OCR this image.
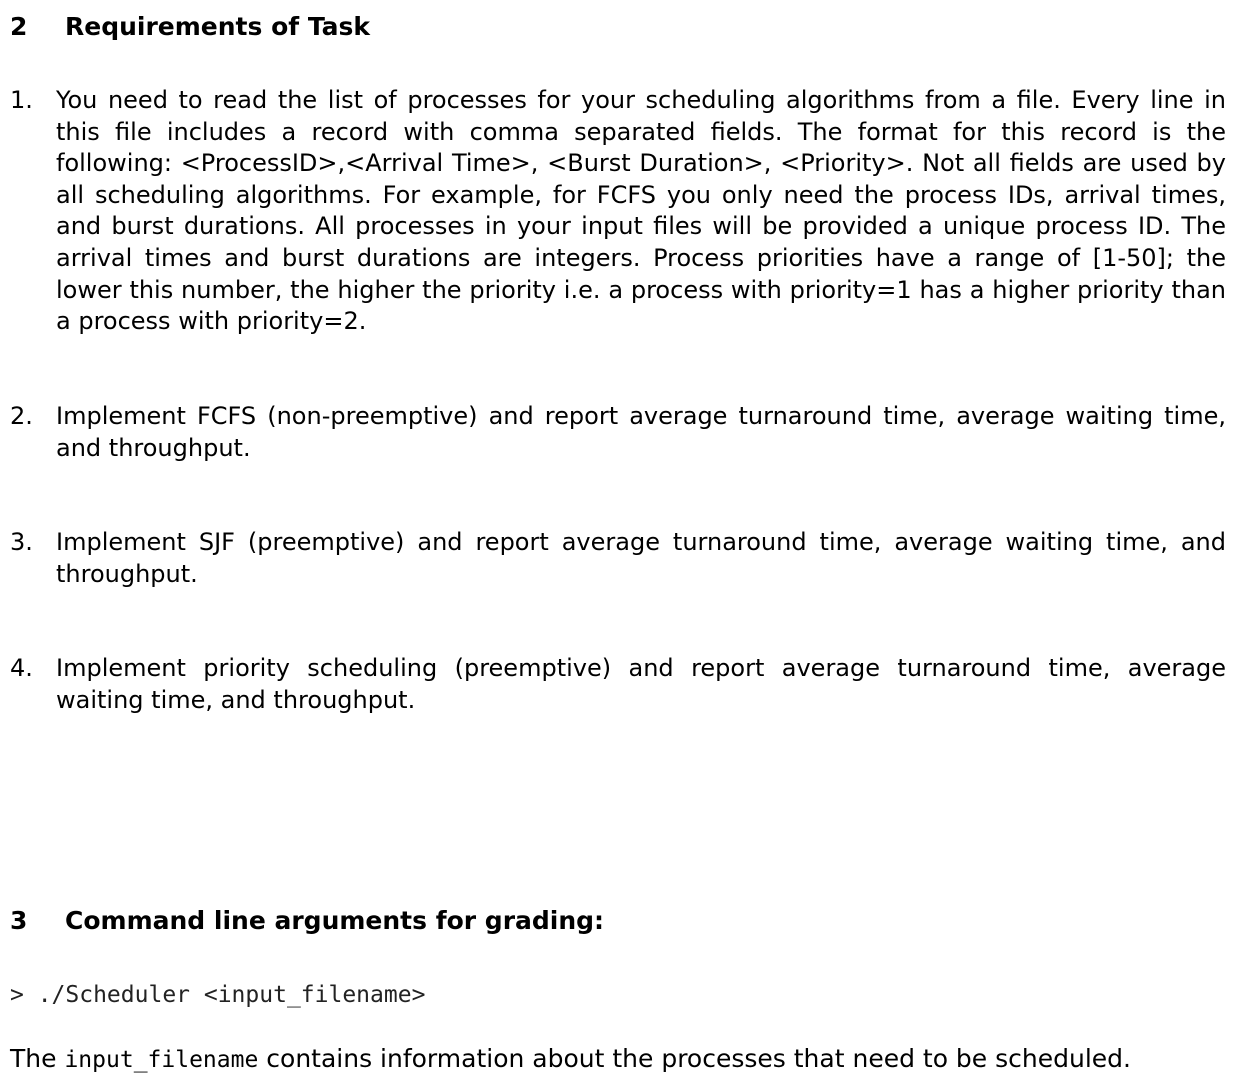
2 Requirements of Task
1. You need to read the list of processes for your scheduling algorithms from a file. Every line in this file includes a record with comma separated fields. The format for this record is the following: <ProcessID>,<Arrival Time>, <Burst Duration>, <Priority>. Not all fields are used by all scheduling algorithms. For example, for FCFS you only need the process IDs, arrival times, and burst durations. All processes in your input files will be provided a unique process ID. The arrival times and burst durations are integers. Process priorities have a range of [1-50]; the lower this number, the higher the priority i.e. a process with priority=1 has a higher priority than a process with priority=2.
2. Implement FCFS (non-preemptive) and report average turnaround time, average waiting time, and throughput.
3. Implement SJF (preemptive) and report average turnaround time, average waiting time, and throughput.
4. Implement priority scheduling (preemptive) and report average turnaround time, average waiting time, and throughput.
3 Command line arguments for grading:
> ./Scheduler <input_filename>
The input_filename contains information about the processes that need to be scheduled.
